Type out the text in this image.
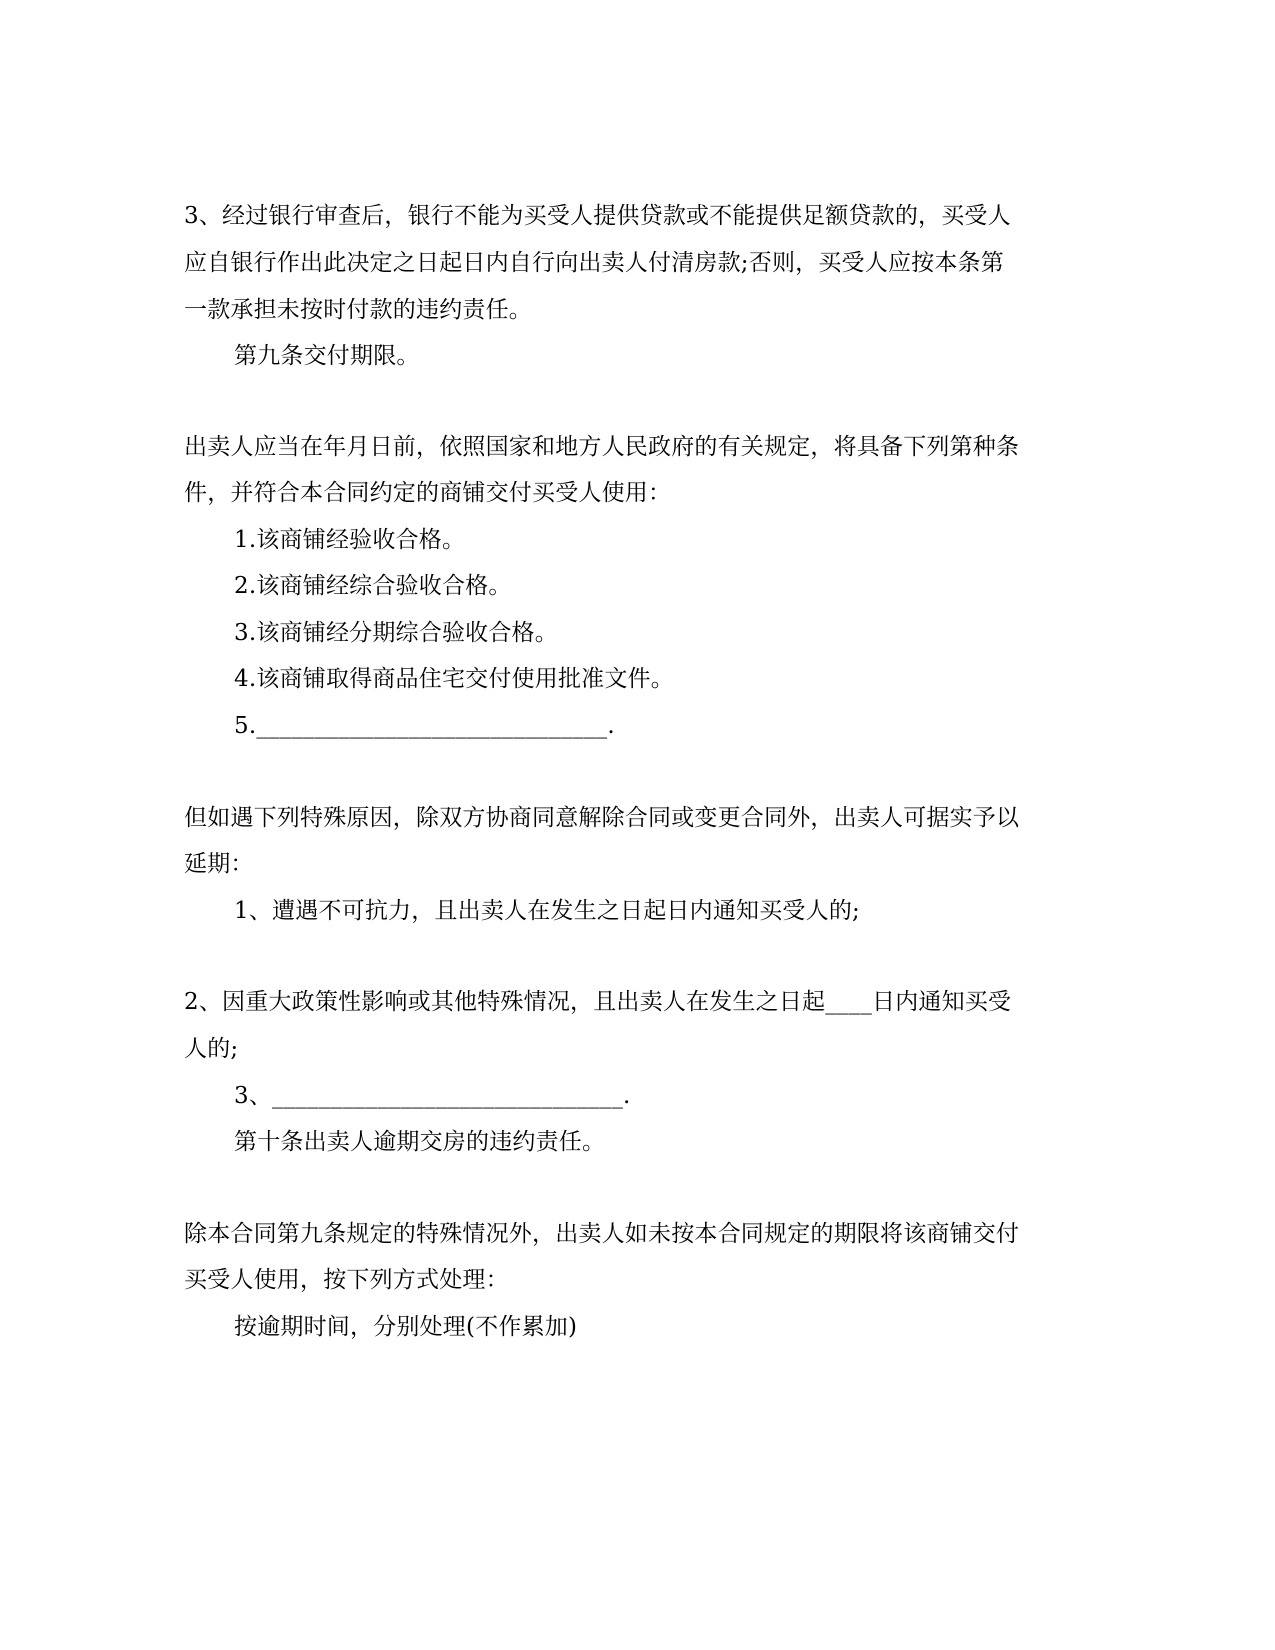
3、经过银行审查后，银行不能为买受人提供贷款或不能提供足额贷款的，买受人
应自银行作出此决定之日起日内自行向出卖人付清房款;否则，买受人应按本条第
一款承担未按时付款的违约责任。
第九条交付期限。
出卖人应当在年月日前，依照国家和地方人民政府的有关规定，将具备下列第种条
件，并符合本合同约定的商铺交付买受人使用：
1.该商铺经验收合格。
2.该商铺经综合验收合格。
3.该商铺经分期综合验收合格。
4.该商铺取得商品住宅交付使用批准文件。
5.______________________________.
但如遇下列特殊原因，除双方协商同意解除合同或变更合同外，出卖人可据实予以
延期：
1、遭遇不可抗力，且出卖人在发生之日起日内通知买受人的;
2、因重大政策性影响或其他特殊情况，且出卖人在发生之日起____日内通知买受
人的;
3、______________________________.
第十条出卖人逾期交房的违约责任。
除本合同第九条规定的特殊情况外，出卖人如未按本合同规定的期限将该商铺交付
买受人使用，按下列方式处理：
按逾期时间，分别处理(不作累加)
